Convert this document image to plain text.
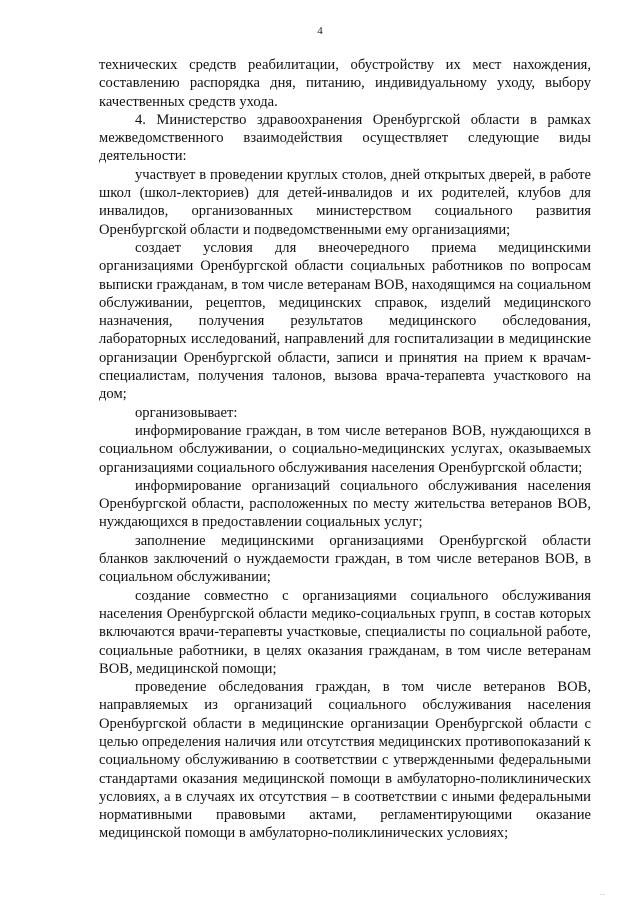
4

технических средств реабилитации, обустройству их мест нахождения, составлению распорядка дня, питанию, индивидуальному уходу, выбору качественных средств ухода.

4. Министерство здравоохранения Оренбургской области в рамках межведомственного взаимодействия осуществляет следующие виды деятельности:

участвует в проведении круглых столов, дней открытых дверей, в работе школ (школ-лекториев) для детей-инвалидов и их родителей, клубов для инвалидов, организованных министерством социального развития Оренбургской области и подведомственными ему организациями;

создает условия для внеочередного приема медицинскими организациями Оренбургской области социальных работников по вопросам выписки гражданам, в том числе ветеранам ВОВ, находящимся на социальном обслуживании, рецептов, медицинских справок, изделий медицинского назначения, получения результатов медицинского обследования, лабораторных исследований, направлений для госпитализации в медицинские организации Оренбургской области, записи и принятия на прием к врачам-специалистам, получения талонов, вызова врача-терапевта участкового на дом;

организовывает:

информирование граждан, в том числе ветеранов ВОВ, нуждающихся в социальном обслуживании, о социально-медицинских услугах, оказываемых организациями социального обслуживания населения Оренбургской области;

информирование организаций социального обслуживания населения Оренбургской области, расположенных по месту жительства ветеранов ВОВ, нуждающихся в предоставлении социальных услуг;

заполнение медицинскими организациями Оренбургской области бланков заключений о нуждаемости граждан, в том числе ветеранов ВОВ, в социальном обслуживании;

создание совместно с организациями социального обслуживания населения Оренбургской области медико-социальных групп, в состав которых включаются врачи-терапевты участковые, специалисты по социальной работе, социальные работники, в целях оказания гражданам, в том числе ветеранам ВОВ, медицинской помощи;

проведение обследования граждан, в том числе ветеранов ВОВ, направляемых из организаций социального обслуживания населения Оренбургской области в медицинские организации Оренбургской области с целью определения наличия или отсутствия медицинских противопоказаний к социальному обслуживанию в соответствии с утвержденными федеральными стандартами оказания медицинской помощи в амбулаторно-поликлинических условиях, а в случаях их отсутствия – в соответствии с иными федеральными нормативными правовыми актами, регламентирующими оказание медицинской помощи в амбулаторно-поликлинических условиях;

..
